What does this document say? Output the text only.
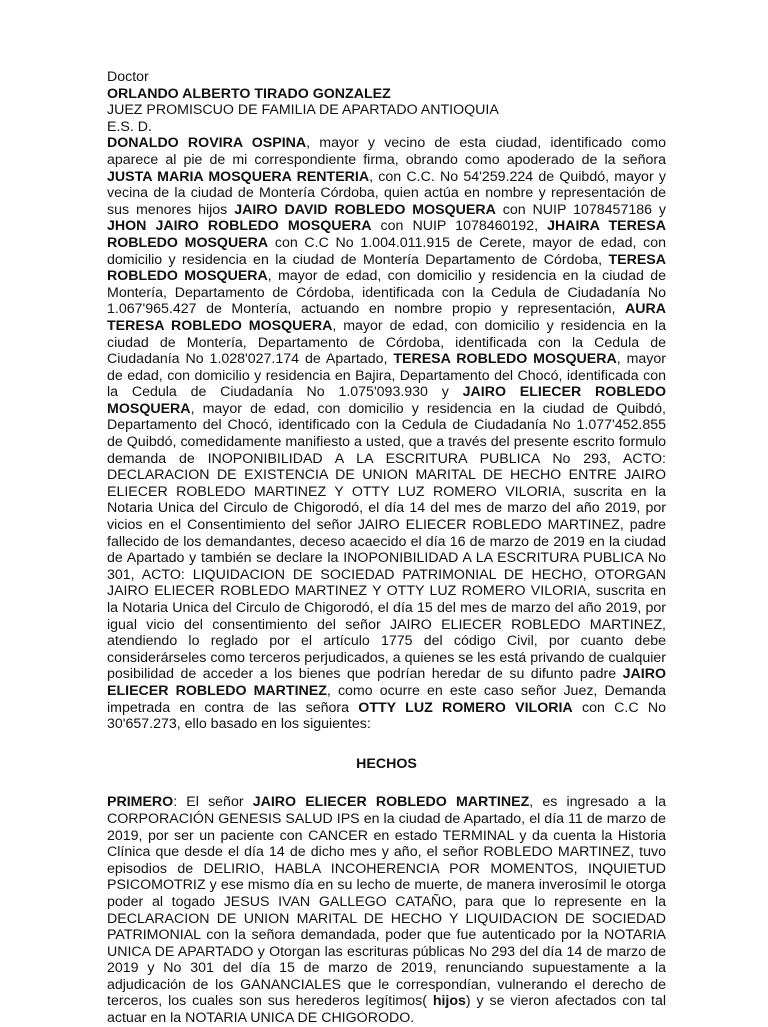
Doctor
ORLANDO ALBERTO TIRADO GONZALEZ
JUEZ PROMISCUO DE FAMILIA DE APARTADO ANTIOQUIA
E.S. D.
DONALDO ROVIRA OSPINA, mayor y vecino de esta ciudad, identificado como aparece al pie de mi correspondiente firma, obrando como apoderado de la señora JUSTA MARIA MOSQUERA RENTERIA, con C.C. No 54'259.224 de Quibdó, mayor y vecina de la ciudad de Montería Córdoba, quien actúa en nombre y representación de sus menores hijos JAIRO DAVID ROBLEDO MOSQUERA con NUIP 1078457186 y JHON JAIRO ROBLEDO MOSQUERA con NUIP 1078460192, JHAIRA TERESA ROBLEDO MOSQUERA con C.C No 1.004.011.915 de Cerete, mayor de edad, con domicilio y residencia en la ciudad de Montería Departamento de Córdoba, TERESA ROBLEDO MOSQUERA, mayor de edad, con domicilio y residencia en la ciudad de Montería, Departamento de Córdoba, identificada con la Cedula de Ciudadanía No 1.067'965.427 de Montería, actuando en nombre propio y representación, AURA TERESA ROBLEDO MOSQUERA, mayor de edad, con domicilio y residencia en la ciudad de Montería, Departamento de Córdoba, identificada con la Cedula de Ciudadanía No 1.028'027.174 de Apartado, TERESA ROBLEDO MOSQUERA, mayor de edad, con domicilio y residencia en Bajira, Departamento del Chocó, identificada con la Cedula de Ciudadanía No 1.075'093.930 y JAIRO ELIECER ROBLEDO MOSQUERA, mayor de edad, con domicilio y residencia en la ciudad de Quibdó, Departamento del Chocó, identificado con la Cedula de Ciudadanía No 1.077'452.855 de Quibdó, comedidamente manifiesto a usted, que a través del presente escrito formulo demanda de INOPONIBILIDAD A LA ESCRITURA PUBLICA No 293, ACTO: DECLARACION DE EXISTENCIA DE UNION MARITAL DE HECHO ENTRE JAIRO ELIECER ROBLEDO MARTINEZ Y OTTY LUZ ROMERO VILORIA, suscrita en la Notaria Unica del Circulo de Chigorodó, el día 14 del mes de marzo del año 2019, por vicios en el Consentimiento del señor JAIRO ELIECER ROBLEDO MARTINEZ, padre fallecido de los demandantes, deceso acaecido el día 16 de marzo de 2019 en la ciudad de Apartado y también se declare la INOPONIBILIDAD A LA ESCRITURA PUBLICA No 301, ACTO: LIQUIDACION DE SOCIEDAD PATRIMONIAL DE HECHO, OTORGAN JAIRO ELIECER ROBLEDO MARTINEZ Y OTTY LUZ ROMERO VILORIA, suscrita en la Notaria Unica del Circulo de Chigorodó, el día 15 del mes de marzo del año 2019, por igual vicio del consentimiento del señor JAIRO ELIECER ROBLEDO MARTINEZ, atendiendo lo reglado por el artículo 1775 del código Civil, por cuanto debe considerárseles como terceros perjudicados, a quienes se les está privando de cualquier posibilidad de acceder a los bienes que podrían heredar de su difunto padre JAIRO ELIECER ROBLEDO MARTINEZ, como ocurre en este caso señor Juez, Demanda impetrada en contra de las señora OTTY LUZ ROMERO VILORIA con C.C No 30'657.273, ello basado en los siguientes:
HECHOS
PRIMERO: El señor JAIRO ELIECER ROBLEDO MARTINEZ, es ingresado a la CORPORACIÓN GENESIS SALUD IPS en la ciudad de Apartado, el día 11 de marzo de 2019, por ser un paciente con CANCER en estado TERMINAL y da cuenta la Historia Clínica que desde el día 14 de dicho mes y año, el señor ROBLEDO MARTINEZ, tuvo episodios de DELIRIO, HABLA INCOHERENCIA POR MOMENTOS, INQUIETUD PSICOMOTRIZ y ese mismo día en su lecho de muerte, de manera inverosímil le otorga poder al togado JESUS IVAN GALLEGO CATAÑO, para que lo represente en la DECLARACION DE UNION MARITAL DE HECHO Y LIQUIDACION DE SOCIEDAD PATRIMONIAL con la señora demandada, poder que fue autenticado por la NOTARIA UNICA DE APARTADO y Otorgan las escrituras públicas No 293 del día 14 de marzo de 2019 y No 301 del día 15 de marzo de 2019, renunciando supuestamente a la adjudicación de los GANANCIALES que le correspondían, vulnerando el derecho de terceros, los cuales son sus herederos legítimos( hijos) y se vieron afectados con tal actuar en la NOTARIA UNICA DE CHIGORODO.
